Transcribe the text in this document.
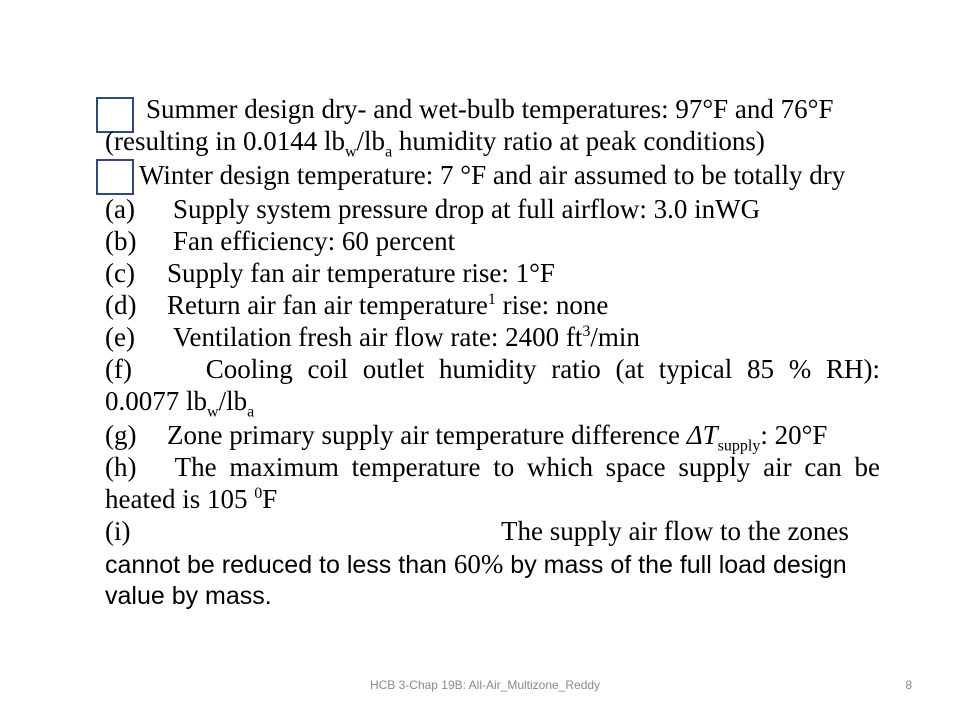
Summer design dry- and wet-bulb temperatures: 97°F and 76°F
(resulting in 0.0144 $lb_w/lb_a$ humidity ratio at peak conditions)
Winter design temperature: 7 °F and air assumed to be totally dry
(a) Supply system pressure drop at full airflow: 3.0 inWG
(b) Fan efficiency: 60 percent
(c) Supply fan air temperature rise: 1°F
(d) Return air fan air temperature$^1$ rise: none
(e) Ventilation fresh air flow rate: 2400 $ft^3/\min$
(f)	Cooling coil outlet humidity ratio (at typical 85 % RH):
0.0077 $lb_w/lb_a$
(g) Zone primary supply air temperature difference $\Delta T_{supply}$: 20°F
(h) The maximum temperature to which space supply air can be
heated is 105 $^0$F
(i)	The supply air flow to the zones
cannot be reduced to less than 60% by mass of the full load design
value by mass.
HCB 3-Chap 19B: All-Air_Multizone_Reddy	8
